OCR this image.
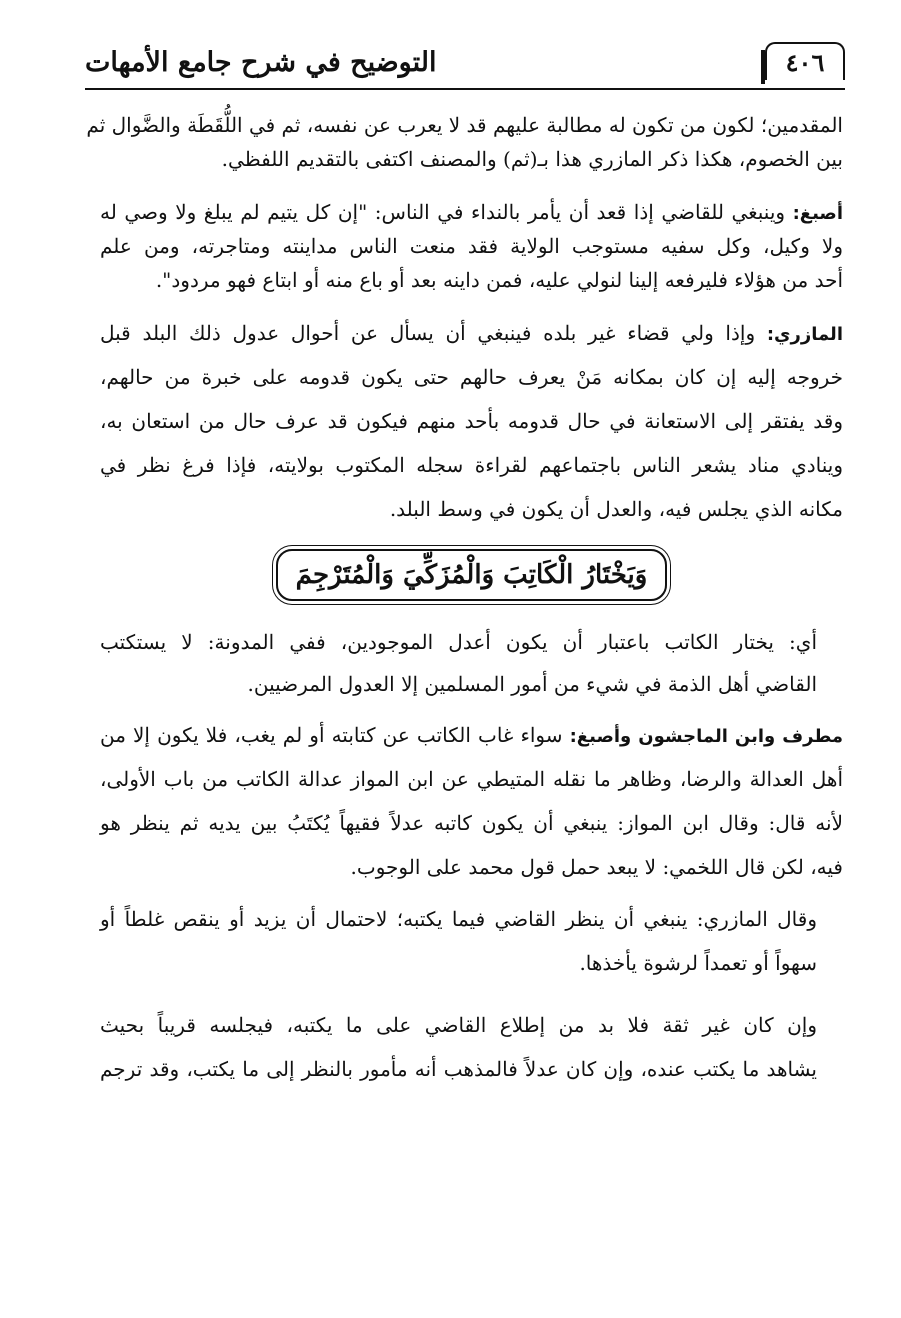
٤٠٦
التوضيح في شرح جامع الأمهات
المقدمين؛ لكون من تكون له مطالبة عليهم قد لا يعرب عن نفسه، ثم في اللُّقَطَة والضَّوال ثم
بين الخصوم، هكذا ذكر المازري هذا بـ(ثم) والمصنف اكتفى بالتقديم اللفظي.
أصبغ: وينبغي للقاضي إذا قعد أن يأمر بالنداء في الناس: "إن كل يتيم لم يبلغ ولا وصي له
ولا وكيل، وكل سفيه مستوجب الولاية فقد منعت الناس مداينته ومتاجرته، ومن علم
أحد من هؤلاء فليرفعه إلينا لنولي عليه، فمن داينه بعد أو باع منه أو ابتاع فهو مردود".
المازري: وإذا ولي قضاء غير بلده فينبغي أن يسأل عن أحوال عدول ذلك البلد قبل
خروجه إليه إن كان بمكانه مَنْ يعرف حالهم حتى يكون قدومه على خبرة من حالهم،
وقد يفتقر إلى الاستعانة في حال قدومه بأحد منهم فيكون قد عرف حال من استعان به،
وينادي مناد يشعر الناس باجتماعهم لقراءة سجله المكتوب بولايته، فإذا فرغ نظر في
مكانه الذي يجلس فيه، والعدل أن يكون في وسط البلد.
وَيَخْتَارُ الْكَاتِبَ وَالْمُزَكِّيَ وَالْمُتَرْجِمَ
أي: يختار الكاتب باعتبار أن يكون أعدل الموجودين، ففي المدونة: لا يستكتب
القاضي أهل الذمة في شيء من أمور المسلمين إلا العدول المرضيين.
مطرف وابن الماجشون وأصبغ: سواء غاب الكاتب عن كتابته أو لم يغب، فلا يكون إلا من
أهل العدالة والرضا، وظاهر ما نقله المتيطي عن ابن المواز عدالة الكاتب من باب الأولى،
لأنه قال: وقال ابن المواز: ينبغي أن يكون كاتبه عدلاً فقيهاً يُكتَبُ بين يديه ثم ينظر هو
فيه، لكن قال اللخمي: لا يبعد حمل قول محمد على الوجوب.
وقال المازري: ينبغي أن ينظر القاضي فيما يكتبه؛ لاحتمال أن يزيد أو ينقص غلطاً أو
سهواً أو تعمداً لرشوة يأخذها.
وإن كان غير ثقة فلا بد من إطلاع القاضي على ما يكتبه، فيجلسه قريباً بحيث
يشاهد ما يكتب عنده، وإن كان عدلاً فالمذهب أنه مأمور بالنظر إلى ما يكتب، وقد ترجم
